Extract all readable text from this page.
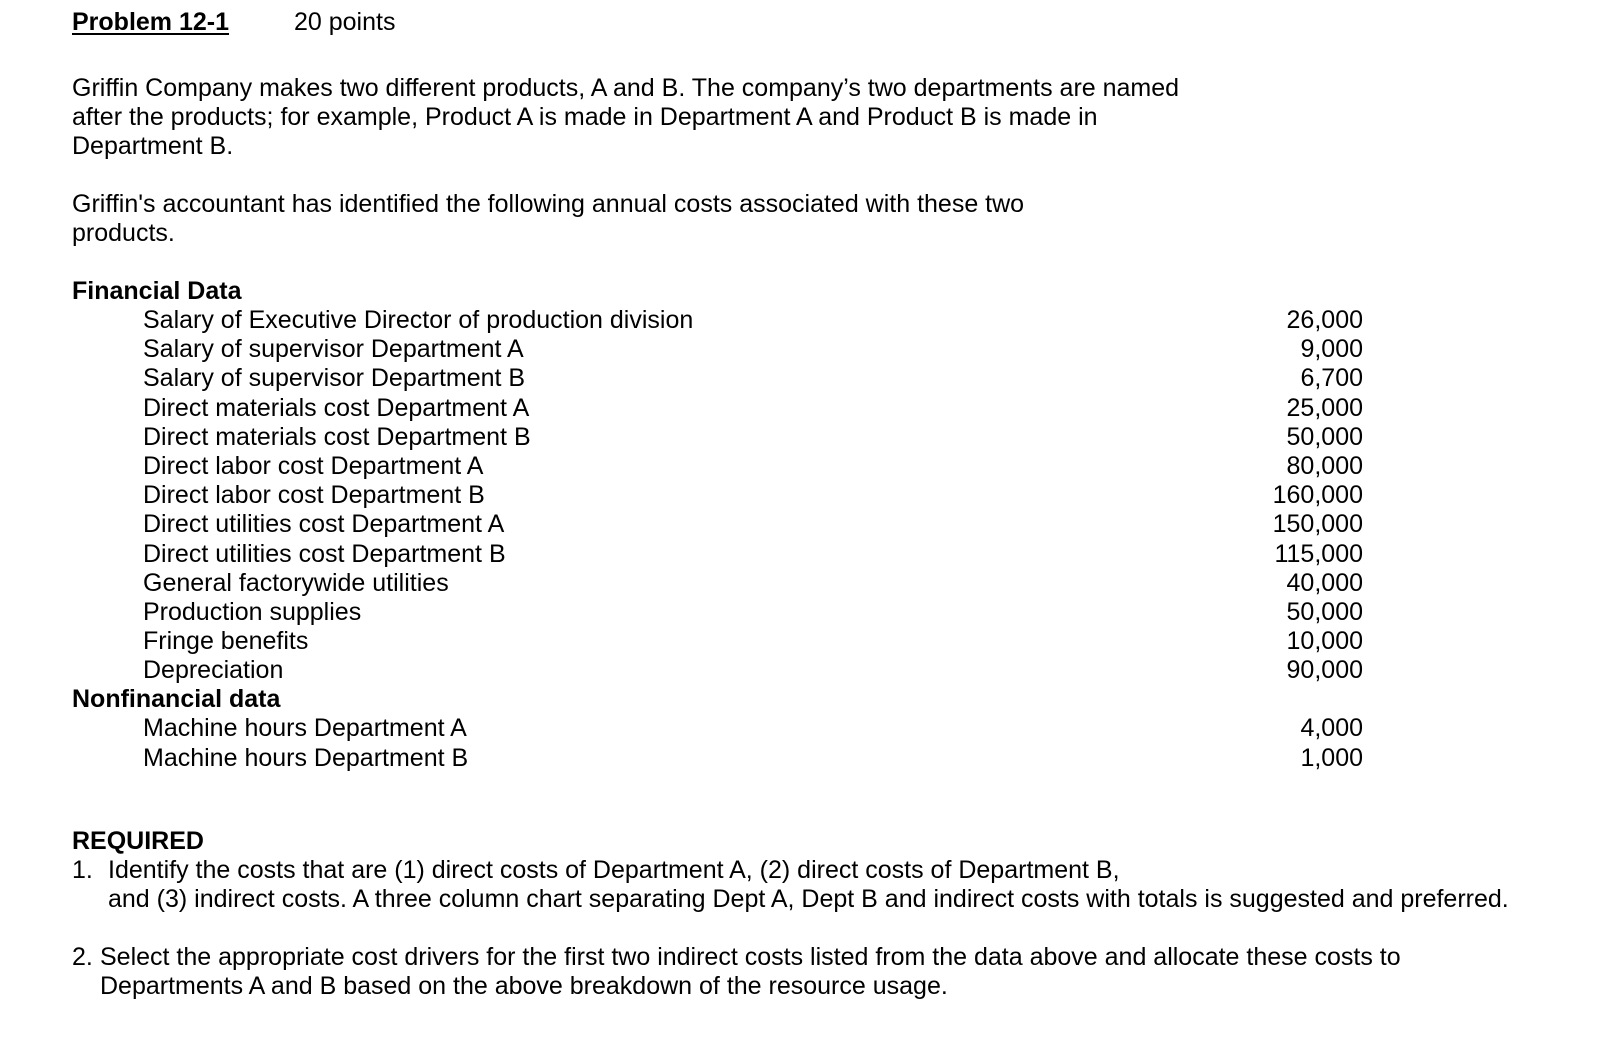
Problem 12-1	20 points

Griffin Company makes two different products, A and B. The company’s two departments are named after the products; for example, Product A is made in Department A and Product B is made in Department B.

Griffin's accountant has identified the following annual costs associated with these two products.

Financial Data
Salary of Executive Director of production division	26,000
Salary of supervisor Department A	9,000
Salary of supervisor Department B	6,700
Direct materials cost Department A	25,000
Direct materials cost Department B	50,000
Direct labor cost Department A	80,000
Direct labor cost Department B	160,000
Direct utilities cost Department A	150,000
Direct utilities cost Department B	115,000
General factorywide utilities	40,000
Production supplies	50,000
Fringe benefits	10,000
Depreciation	90,000
Nonfinancial data
Machine hours Department A	4,000
Machine hours Department B	1,000
REQUIRED
1. Identify the costs that are (1) direct costs of Department A, (2) direct costs of Department B,
and (3) indirect costs. A three column chart separating Dept A, Dept B and indirect costs with totals is suggested and preferred.
2. Select the appropriate cost drivers for the first two indirect costs listed from the data above and allocate these costs to
Departments A and B based on the above breakdown of the resource usage.
